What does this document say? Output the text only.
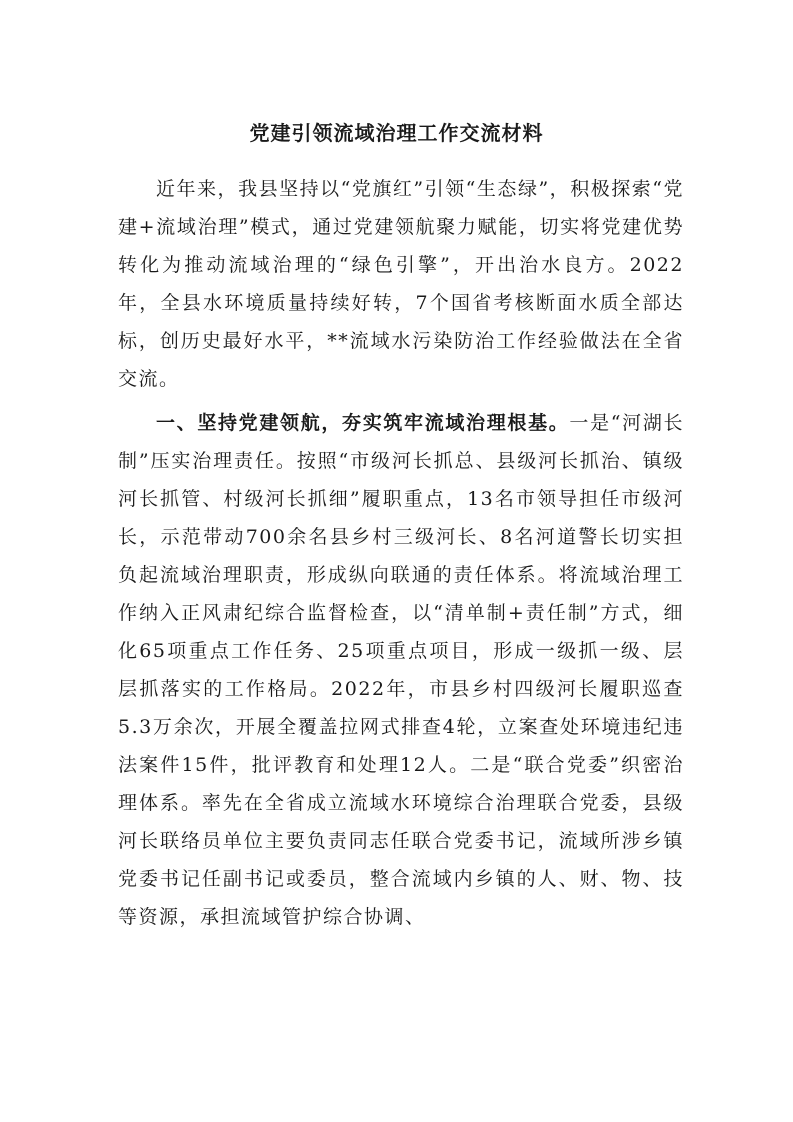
党建引领流域治理工作交流材料

近年来，我县坚持以“党旗红”引领“生态绿”，积极探索“党建+流域治理”模式，通过党建领航聚力赋能，切实将党建优势转化为推动流域治理的“绿色引擎”，开出治水良方。2022年，全县水环境质量持续好转，7个国省考核断面水质全部达标，创历史最好水平，**流域水污染防治工作经验做法在全省交流。

一、坚持党建领航，夯实筑牢流域治理根基。一是“河湖长制”压实治理责任。按照“市级河长抓总、县级河长抓治、镇级河长抓管、村级河长抓细”履职重点，13名市领导担任市级河长，示范带动700余名县乡村三级河长、8名河道警长切实担负起流域治理职责，形成纵向联通的责任体系。将流域治理工作纳入正风肃纪综合监督检查，以“清单制+责任制”方式，细化65项重点工作任务、25项重点项目，形成一级抓一级、层层抓落实的工作格局。2022年，市县乡村四级河长履职巡查5.3万余次，开展全覆盖拉网式排查4轮，立案查处环境违纪违法案件15件，批评教育和处理12人。二是“联合党委”织密治理体系。率先在全省成立流域水环境综合治理联合党委，县级河长联络员单位主要负责同志任联合党委书记，流域所涉乡镇党委书记任副书记或委员，整合流域内乡镇的人、财、物、技等资源，承担流域管护综合协调、
